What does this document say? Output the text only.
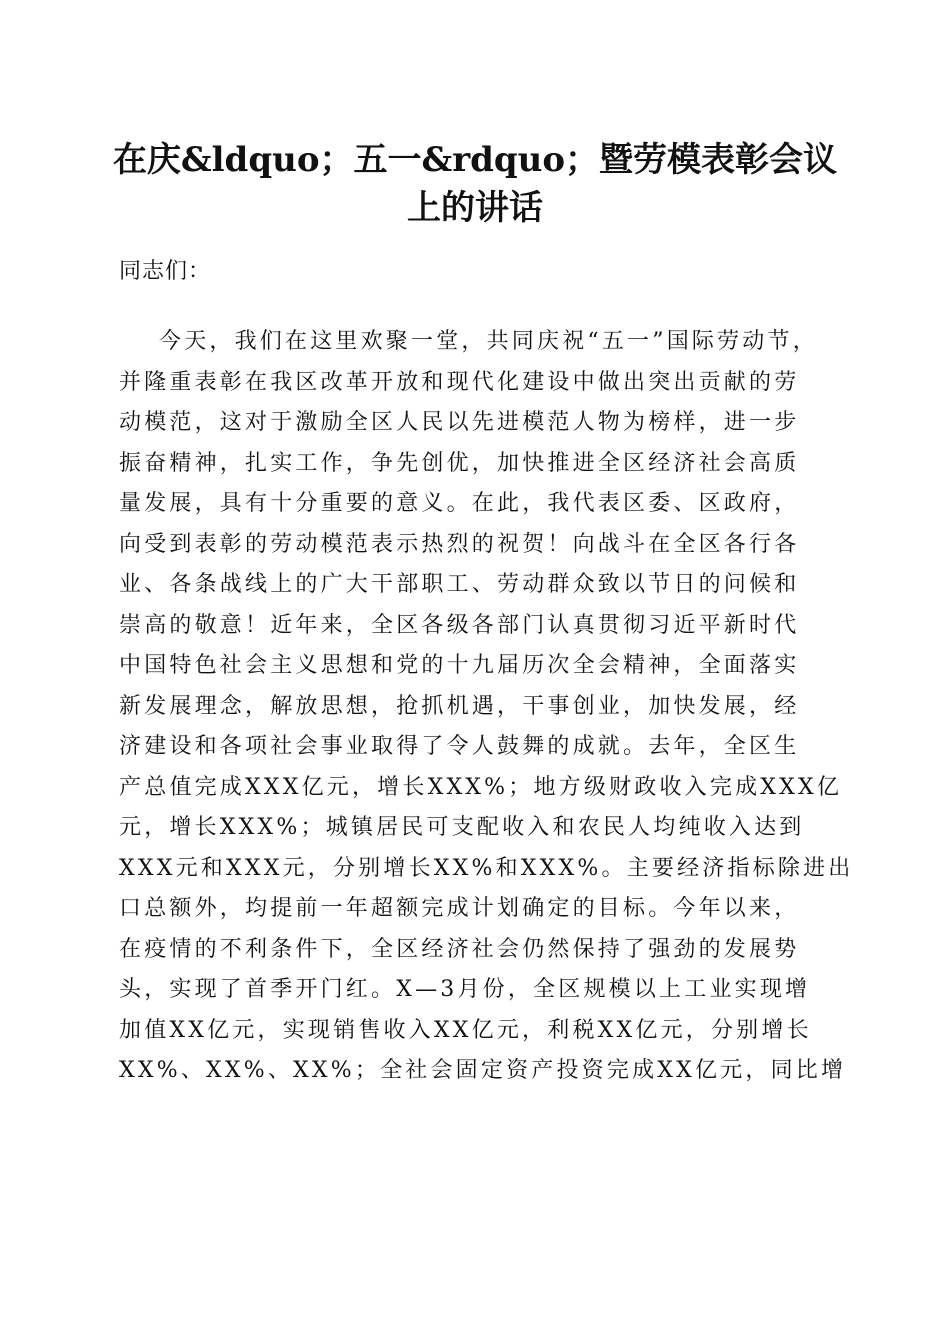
在庆&ldquo；五一&rdquo；暨劳模表彰会议
上的讲话

同志们：

今天，我们在这里欢聚一堂，共同庆祝“五一”国际劳动节，
并隆重表彰在我区改革开放和现代化建设中做出突出贡献的劳
动模范，这对于激励全区人民以先进模范人物为榜样，进一步
振奋精神，扎实工作，争先创优，加快推进全区经济社会高质
量发展，具有十分重要的意义。在此，我代表区委、区政府，
向受到表彰的劳动模范表示热烈的祝贺！向战斗在全区各行各
业、各条战线上的广大干部职工、劳动群众致以节日的问候和
崇高的敬意！近年来，全区各级各部门认真贯彻习近平新时代
中国特色社会主义思想和党的十九届历次全会精神，全面落实
新发展理念，解放思想，抢抓机遇，干事创业，加快发展，经
济建设和各项社会事业取得了令人鼓舞的成就。去年，全区生
产总值完成XXX亿元，增长XXX%；地方级财政收入完成XXX亿
元，增长XXX%；城镇居民可支配收入和农民人均纯收入达到
XXX元和XXX元，分别增长XX%和XXX%。主要经济指标除进出
口总额外，均提前一年超额完成计划确定的目标。今年以来，
在疫情的不利条件下，全区经济社会仍然保持了强劲的发展势
头，实现了首季开门红。X—3月份，全区规模以上工业实现增
加值XX亿元，实现销售收入XX亿元，利税XX亿元，分别增长
XX%、XX%、XX%；全社会固定资产投资完成XX亿元，同比增
